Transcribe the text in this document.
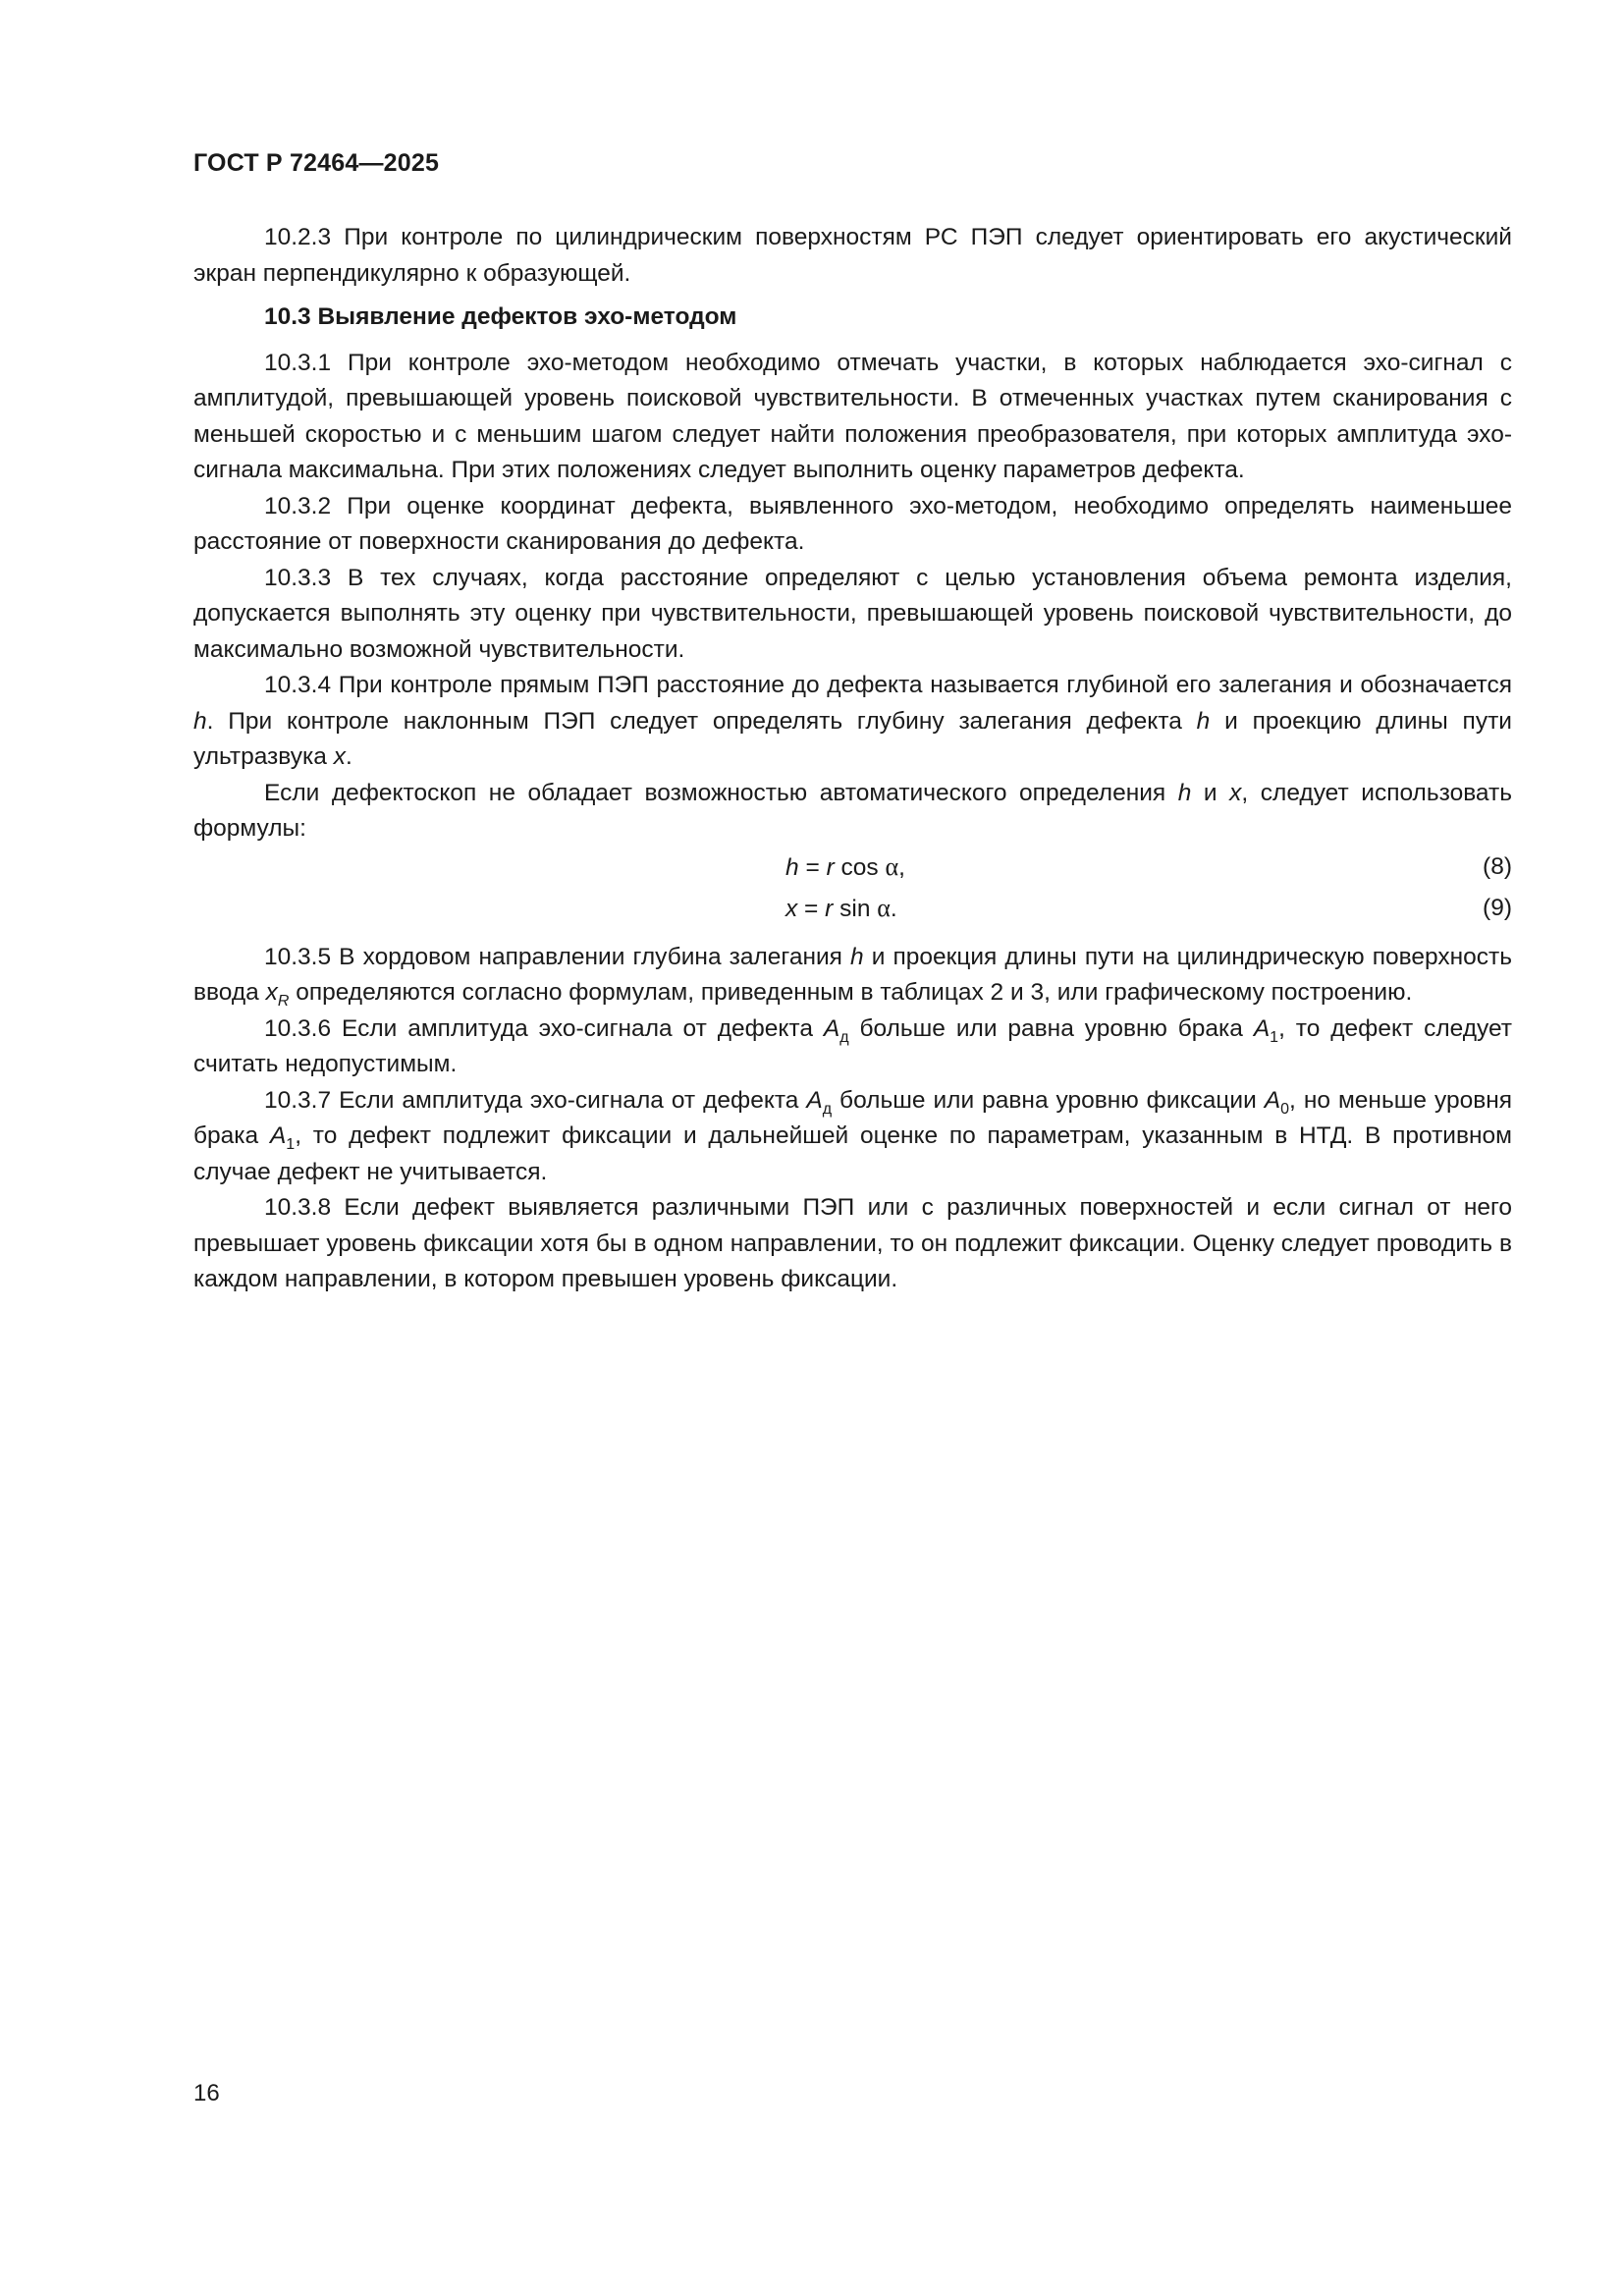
ГОСТ Р 72464—2025

10.2.3 При контроле по цилиндрическим поверхностям РС ПЭП следует ориентировать его акустический экран перпендикулярно к образующей.

10.3 Выявление дефектов эхо-методом

10.3.1 При контроле эхо-методом необходимо отмечать участки, в которых наблюдается эхо-сигнал с амплитудой, превышающей уровень поисковой чувствительности. В отмеченных участках путем сканирования с меньшей скоростью и с меньшим шагом следует найти положения преобразователя, при которых амплитуда эхо-сигнала максимальна. При этих положениях следует выполнить оценку параметров дефекта.

10.3.2 При оценке координат дефекта, выявленного эхо-методом, необходимо определять наименьшее расстояние от поверхности сканирования до дефекта.

10.3.3 В тех случаях, когда расстояние определяют с целью установления объема ремонта изделия, допускается выполнять эту оценку при чувствительности, превышающей уровень поисковой чувствительности, до максимально возможной чувствительности.

10.3.4 При контроле прямым ПЭП расстояние до дефекта называется глубиной его залегания и обозначается h. При контроле наклонным ПЭП следует определять глубину залегания дефекта h и проекцию длины пути ультразвука x.

Если дефектоскоп не обладает возможностью автоматического определения h и x, следует использовать формулы:

h = r cos α,	(8)
x = r sin α.	(9)

10.3.5 В хордовом направлении глубина залегания h и проекция длины пути на цилиндрическую поверхность ввода $x_R$ определяются согласно формулам, приведенным в таблицах 2 и 3, или графическому построению.

10.3.6 Если амплитуда эхо-сигнала от дефекта $A_д$ больше или равна уровню брака $A_1$, то дефект следует считать недопустимым.

10.3.7 Если амплитуда эхо-сигнала от дефекта $A_д$ больше или равна уровню фиксации $A_0$, но меньше уровня брака $A_1$, то дефект подлежит фиксации и дальнейшей оценке по параметрам, указанным в НТД. В противном случае дефект не учитывается.

10.3.8 Если дефект выявляется различными ПЭП или с различных поверхностей и если сигнал от него превышает уровень фиксации хотя бы в одном направлении, то он подлежит фиксации. Оценку следует проводить в каждом направлении, в котором превышен уровень фиксации.

16
